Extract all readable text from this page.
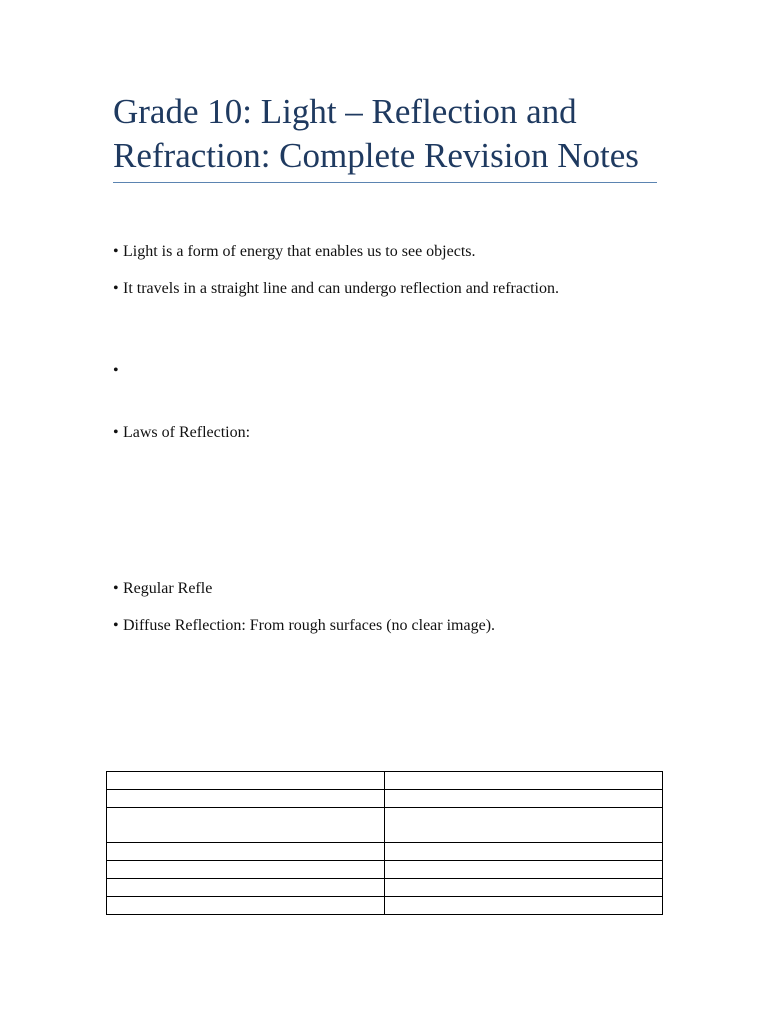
Grade 10: Light – Reflection and Refraction: Complete Revision Notes

• Light is a form of energy that enables us to see objects.

• It travels in a straight line and can undergo reflection and refraction.

•

• Laws of Reflection:

• Regular Refle

• Diffuse Reflection: From rough surfaces (no clear image).
